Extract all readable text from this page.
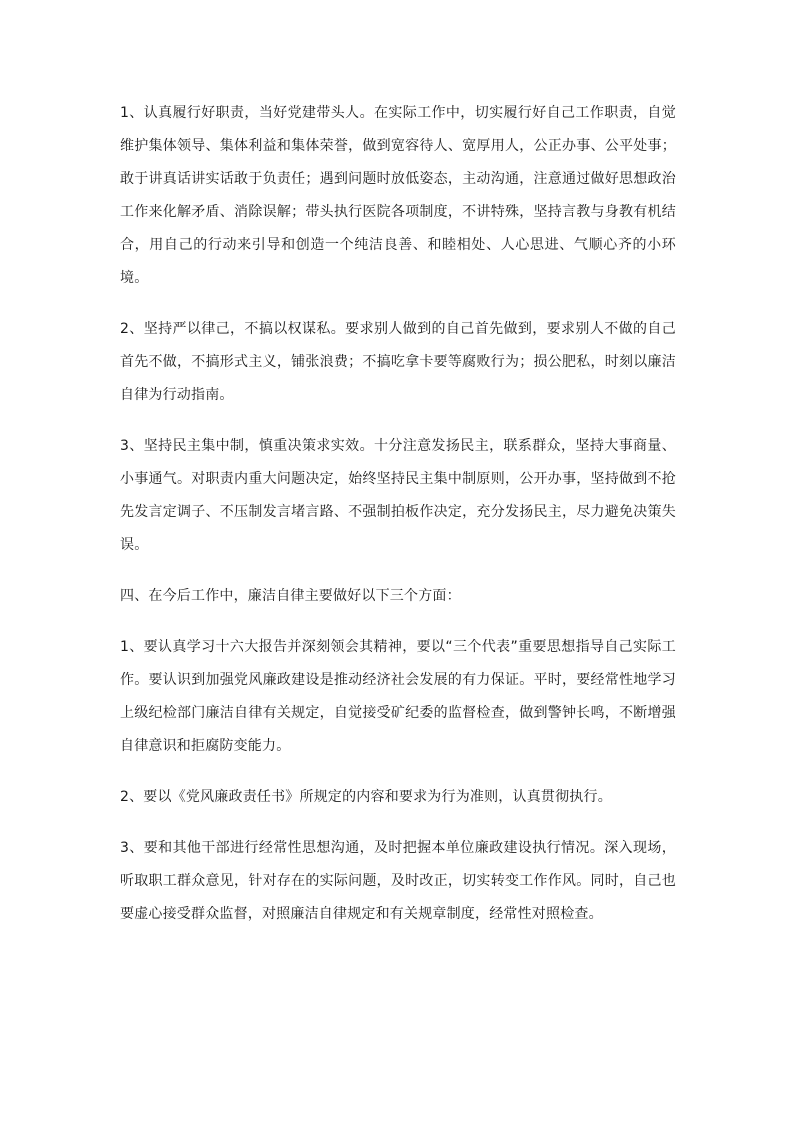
1、认真履行好职责，当好党建带头人。在实际工作中，切实履行好自己工作职责，自觉维护集体领导、集体利益和集体荣誉，做到宽容待人、宽厚用人，公正办事、公平处事；敢于讲真话讲实话敢于负责任；遇到问题时放低姿态，主动沟通，注意通过做好思想政治工作来化解矛盾、消除误解；带头执行医院各项制度，不讲特殊，坚持言教与身教有机结合，用自己的行动来引导和创造一个纯洁良善、和睦相处、人心思进、气顺心齐的小环境。

2、坚持严以律己，不搞以权谋私。要求别人做到的自己首先做到，要求别人不做的自己首先不做，不搞形式主义，铺张浪费；不搞吃拿卡要等腐败行为；损公肥私，时刻以廉洁自律为行动指南。

3、坚持民主集中制，慎重决策求实效。十分注意发扬民主，联系群众，坚持大事商量、小事通气。对职责内重大问题决定，始终坚持民主集中制原则，公开办事，坚持做到不抢先发言定调子、不压制发言堵言路、不强制拍板作决定，充分发扬民主，尽力避免决策失误。

四、在今后工作中，廉洁自律主要做好以下三个方面：

1、要认真学习十六大报告并深刻领会其精神，要以“三个代表”重要思想指导自己实际工作。要认识到加强党风廉政建设是推动经济社会发展的有力保证。平时，要经常性地学习上级纪检部门廉洁自律有关规定，自觉接受矿纪委的监督检查，做到警钟长鸣，不断增强自律意识和拒腐防变能力。

2、要以《党风廉政责任书》所规定的内容和要求为行为准则，认真贯彻执行。

3、要和其他干部进行经常性思想沟通，及时把握本单位廉政建设执行情况。深入现场，听取职工群众意见，针对存在的实际问题，及时改正，切实转变工作作风。同时，自己也要虚心接受群众监督，对照廉洁自律规定和有关规章制度，经常性对照检查。
